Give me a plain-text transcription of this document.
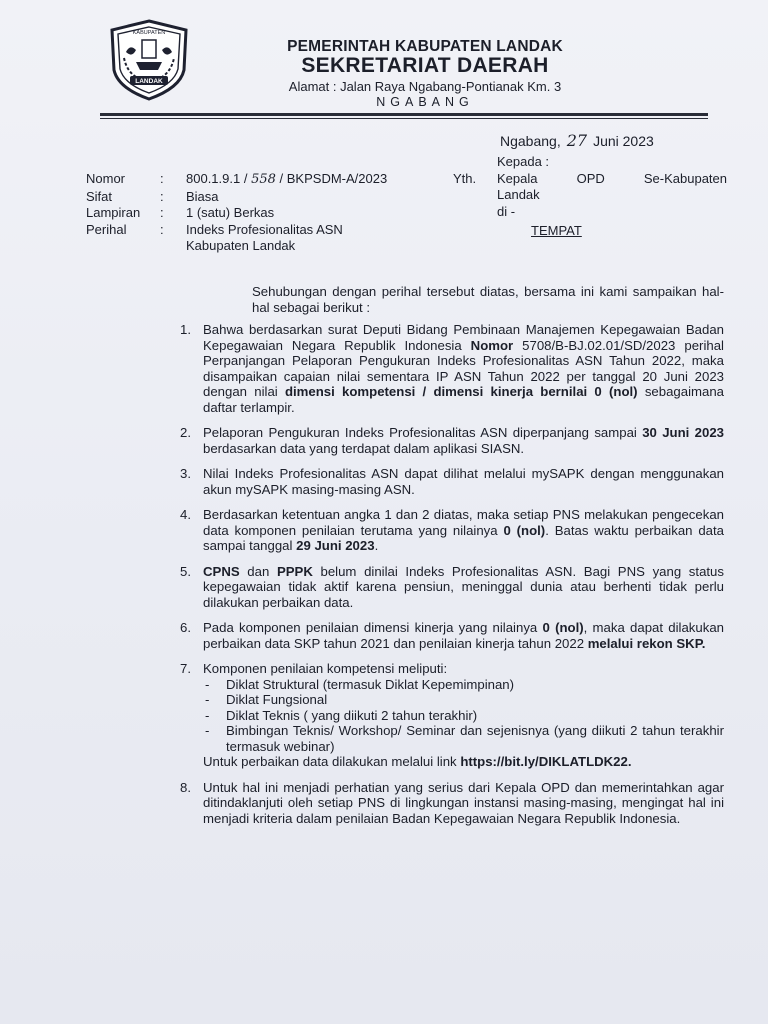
KABUPATEN
LANDAK
PEMERINTAH KABUPATEN LANDAK
SEKRETARIAT DAERAH
Alamat : Jalan Raya Ngabang-Pontianak Km. 3
NGABANG
Ngabang, 27 Juni 2023
Nomor	:	800.1.9.1 / 558 / BKPSDM-A/2023
Sifat	:	Biasa
Lampiran	:	1 (satu) Berkas
Perihal	:	Indeks Profesionalitas ASN
Kabupaten Landak
Yth.
Kepada :
Kepala	OPD	Se-Kabupaten
Landak
di -
TEMPAT

Sehubungan dengan perihal tersebut diatas, bersama ini kami sampaikan hal-hal sebagai berikut :

1. Bahwa berdasarkan surat Deputi Bidang Pembinaan Manajemen Kepegawaian Badan Kepegawaian Negara Republik Indonesia Nomor 5708/B-BJ.02.01/SD/2023 perihal Perpanjangan Pelaporan Pengukuran Indeks Profesionalitas ASN Tahun 2022, maka disampaikan capaian nilai sementara IP ASN Tahun 2022 per tanggal 20 Juni 2023 dengan nilai dimensi kompetensi / dimensi kinerja bernilai 0 (nol) sebagaimana daftar terlampir.
2. Pelaporan Pengukuran Indeks Profesionalitas ASN diperpanjang sampai 30 Juni 2023 berdasarkan data yang terdapat dalam aplikasi SIASN.
3. Nilai Indeks Profesionalitas ASN dapat dilihat melalui mySAPK dengan menggunakan akun mySAPK masing-masing ASN.
4. Berdasarkan ketentuan angka 1 dan 2 diatas, maka setiap PNS melakukan pengecekan data komponen penilaian terutama yang nilainya 0 (nol). Batas waktu perbaikan data sampai tanggal 29 Juni 2023.
5. CPNS dan PPPK belum dinilai Indeks Profesionalitas ASN. Bagi PNS yang status kepegawaian tidak aktif karena pensiun, meninggal dunia atau berhenti tidak perlu dilakukan perbaikan data.
6. Pada komponen penilaian dimensi kinerja yang nilainya 0 (nol), maka dapat dilakukan perbaikan data SKP tahun 2021 dan penilaian kinerja tahun 2022 melalui rekon SKP.
7. Komponen penilaian kompetensi meliputi:
- Diklat Struktural (termasuk Diklat Kepemimpinan)
- Diklat Fungsional
- Diklat Teknis ( yang diikuti 2 tahun terakhir)
- Bimbingan Teknis/ Workshop/ Seminar dan sejenisnya (yang diikuti 2 tahun terakhir termasuk webinar)
Untuk perbaikan data dilakukan melalui link https://bit.ly/DIKLATLDK22.
8. Untuk hal ini menjadi perhatian yang serius dari Kepala OPD dan memerintahkan agar ditindaklanjuti oleh setiap PNS di lingkungan instansi masing-masing, mengingat hal ini menjadi kriteria dalam penilaian Badan Kepegawaian Negara Republik Indonesia.
